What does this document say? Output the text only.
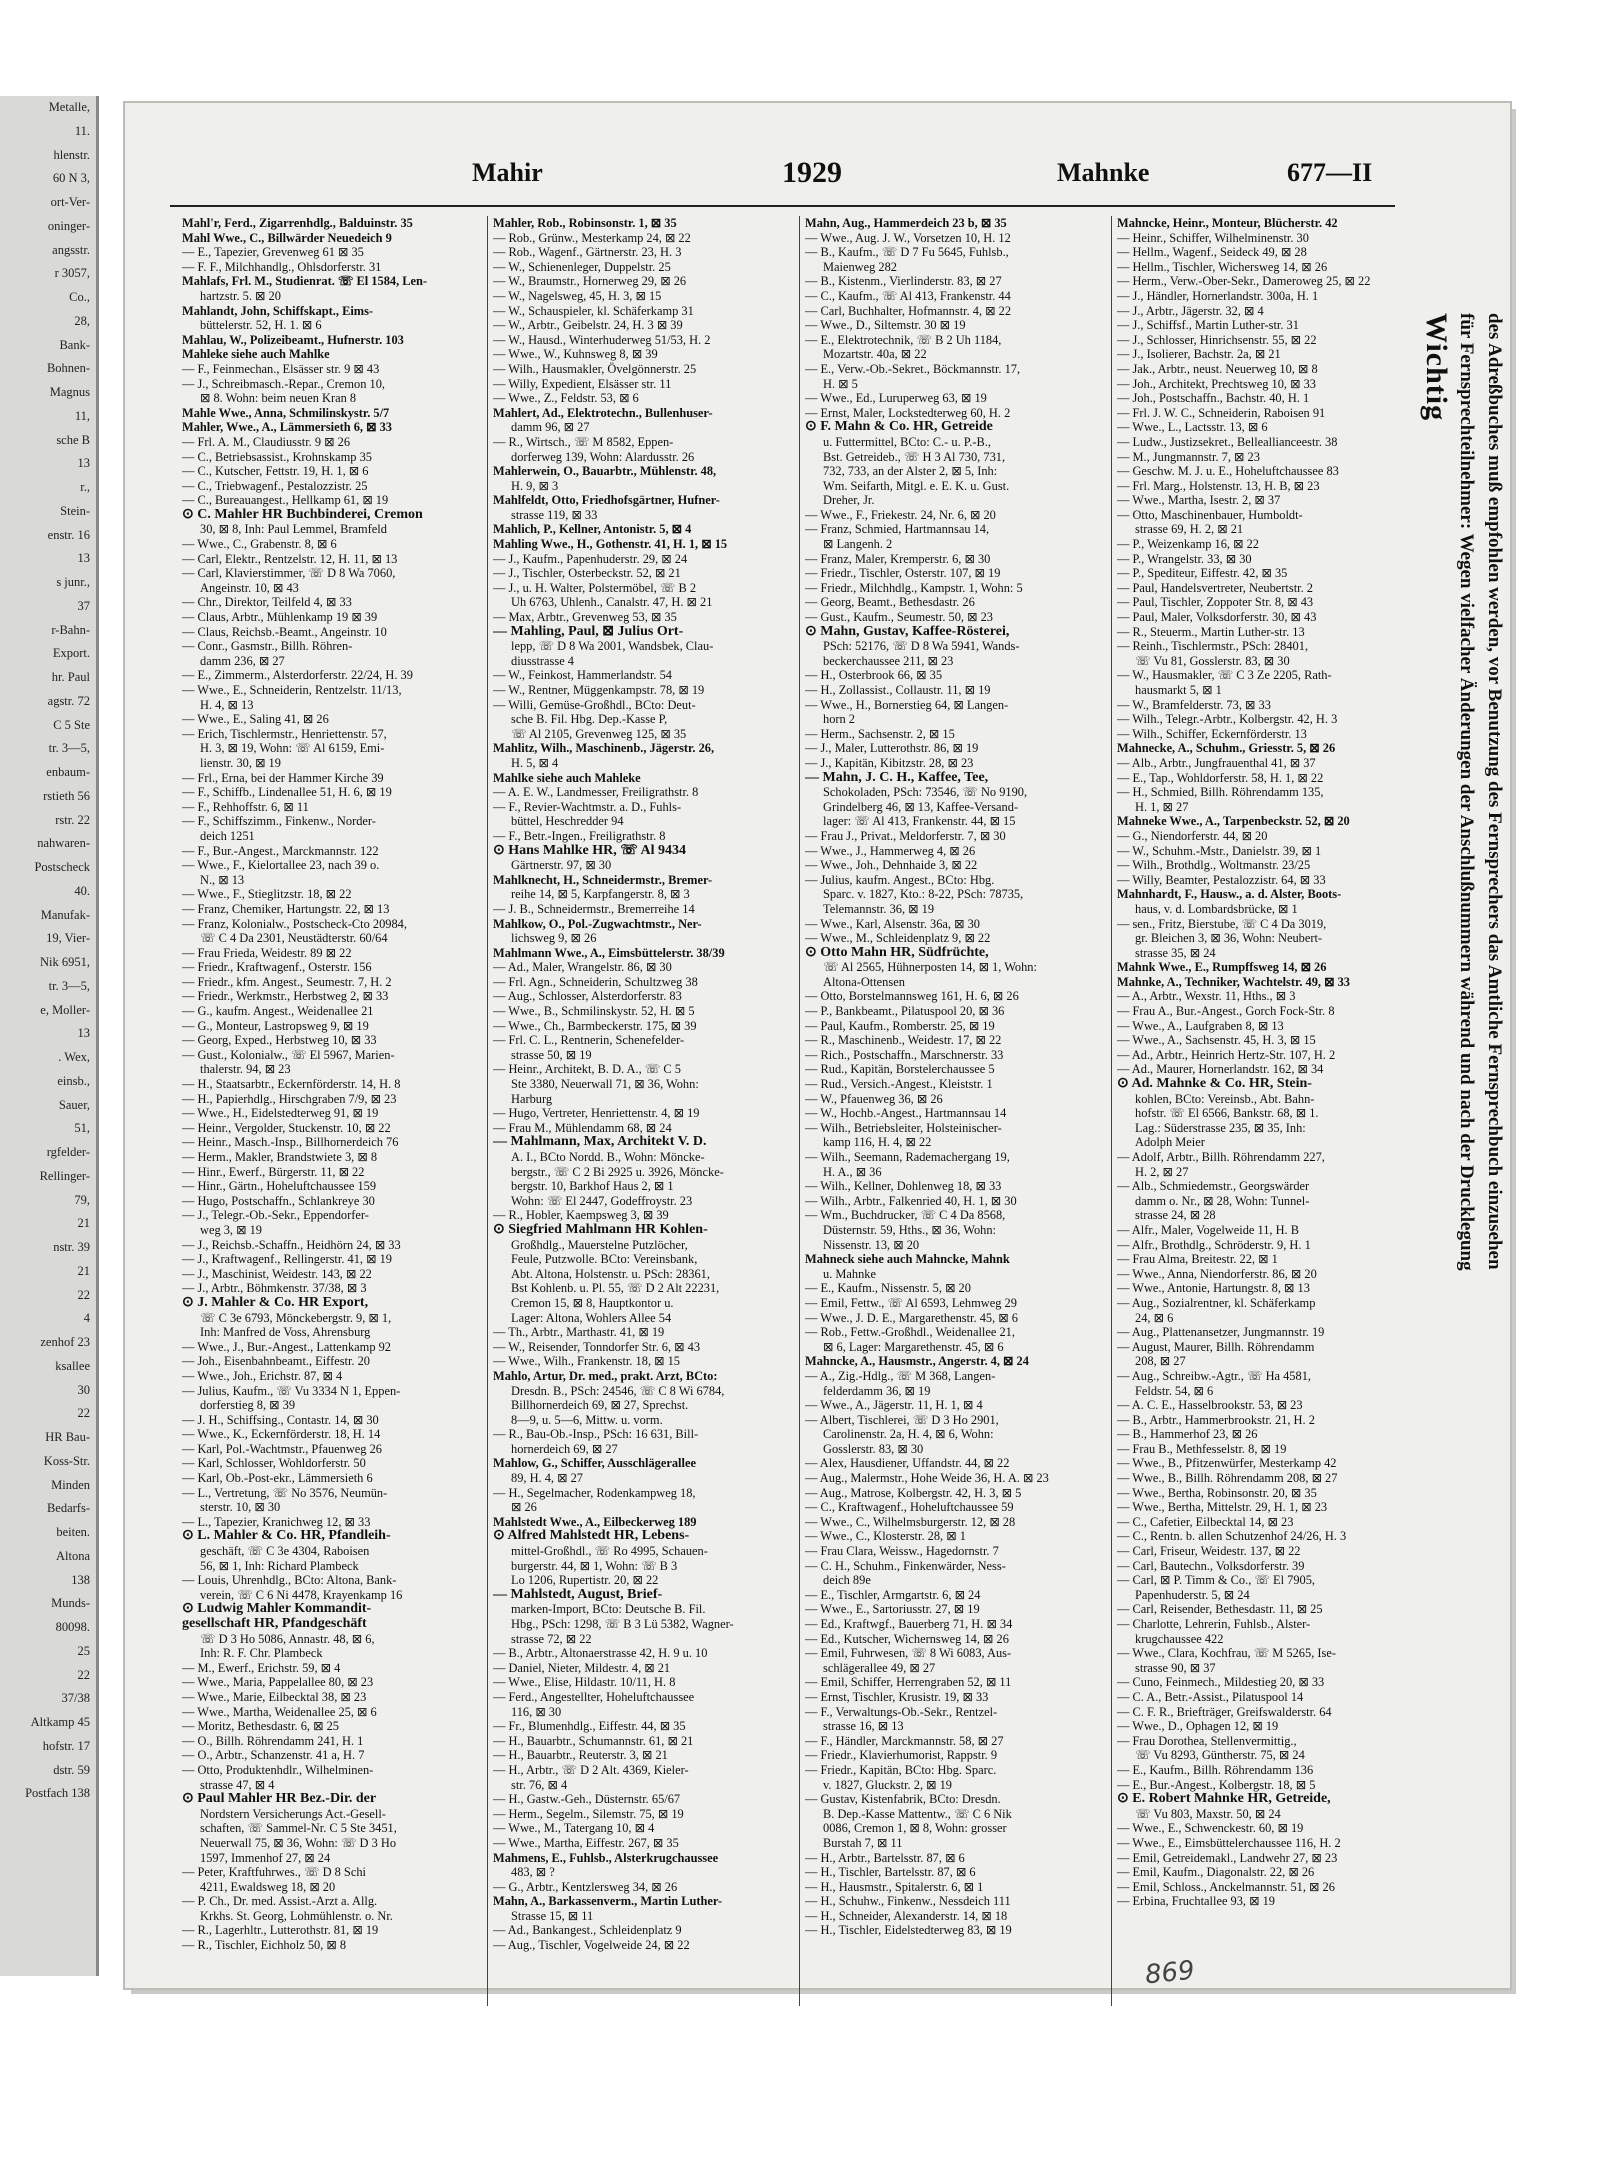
Metalle,
11.
hlenstr.
60 N 3,
ort-Ver-
oninger-
angsstr.
r 3057,
Co.,
28,
Bank-
Bohnen-
Magnus
11,
sche B
13
r.,
Stein-
enstr. 16
13
s junr.,
37
r-Bahn-
Export.
hr. Paul
agstr. 72
C 5 Ste
tr. 3—5,
enbaum-
rstieth 56
rstr. 22
nahwaren-
Postscheck
40.
Manufak-
19, Vier-
Nik 6951,
tr. 3—5,
e, Moller-
13
. Wex,
einsb.,
Sauer,
51,
rgfelder-
Rellinger-
79,
21
nstr. 39
21
22
4
zenhof 23
ksallee
30
22
HR Bau-
Koss-Str.
Minden
Bedarfs-
beiten.
Altona
138
Munds-
80098.
25
22
37/38
Altkamp 45
hofstr. 17
dstr. 59
Postfach 138
Mahir	1929	Mahnke	677—II
Mahl'r, Ferd., Zigarrenhdlg., Balduinstr. 35
Mahl Wwe., C., Billwärder Neuedeich 9
— E., Tapezier, Grevenweg 61 ⊠ 35
— F. F., Milchhandlg., Ohlsdorferstr. 31
Mahlafs, Frl. M., Studienrat. ☏ El 1584, Len-
hartzstr. 5. ⊠ 20
Mahlandt, John, Schiffskapt., Eims-
büttelerstr. 52, H. 1. ⊠ 6
Mahlau, W., Polizeibeamt., Hufnerstr. 103
Mahleke siehe auch Mahlke
— F., Feinmechan., Elsässer str. 9 ⊠ 43
— J., Schreibmasch.-Repar., Cremon 10,
⊠ 8. Wohn: beim neuen Kran 8
Mahle Wwe., Anna, Schmilinskystr. 5/7
Mahler, Wwe., A., Lämmersieth 6, ⊠ 33
— Frl. A. M., Claudiusstr. 9 ⊠ 26
— C., Betriebsassist., Krohnskamp 35
— C., Kutscher, Fettstr. 19, H. 1, ⊠ 6
— C., Triebwagenf., Pestalozzistr. 25
— C., Bureauangest., Hellkamp 61, ⊠ 19
⊙ C. Mahler HR Buchbinderei, Cremon
30, ⊠ 8, Inh: Paul Lemmel, Bramfeld
— Wwe., C., Grabenstr. 8, ⊠ 6
— Carl, Elektr., Rentzelstr. 12, H. 11, ⊠ 13
— Carl, Klavierstimmer, ☏ D 8 Wa 7060,
Angeinstr. 10, ⊠ 43
— Chr., Direktor, Teilfeld 4, ⊠ 33
— Claus, Arbtr., Mühlenkamp 19 ⊠ 39
— Claus, Reichsb.-Beamt., Angeinstr. 10
— Conr., Gasmstr., Billh. Röhren-
damm 236, ⊠ 27
— E., Zimmerm., Alsterdorferstr. 22/24, H. 39
— Wwe., E., Schneiderin, Rentzelstr. 11/13,
H. 4, ⊠ 13
— Wwe., E., Saling 41, ⊠ 26
— Erich, Tischlermstr., Henriettenstr. 57,
H. 3, ⊠ 19, Wohn: ☏ Al 6159, Emi-
lienstr. 30, ⊠ 19
— Frl., Erna, bei der Hammer Kirche 39
— F., Schiffb., Lindenallee 51, H. 6, ⊠ 19
— F., Rehhoffstr. 6, ⊠ 11
— F., Schiffszimm., Finkenw., Norder-
deich 1251
— F., Bur.-Angest., Marckmannstr. 122
— Wwe., F., Kielortallee 23, nach 39 o.
N., ⊠ 13
— Wwe., F., Stieglitzstr. 18, ⊠ 22
— Franz, Chemiker, Hartungstr. 22, ⊠ 13
— Franz, Kolonialw., Postscheck-Cto 20984,
☏ C 4 Da 2301, Neustädterstr. 60/64
— Frau Frieda, Weidestr. 89 ⊠ 22
— Friedr., Kraftwagenf., Osterstr. 156
— Friedr., kfm. Angest., Seumestr. 7, H. 2
— Friedr., Werkmstr., Herbstweg 2, ⊠ 33
— G., kaufm. Angest., Weidenallee 21
— G., Monteur, Lastropsweg 9, ⊠ 19
— Georg, Exped., Herbstweg 10, ⊠ 33
— Gust., Kolonialw., ☏ El 5967, Marien-
thalerstr. 94, ⊠ 23
— H., Staatsarbtr., Eckernförderstr. 14, H. 8
— H., Papierhdlg., Hirschgraben 7/9, ⊠ 23
— Wwe., H., Eidelstedterweg 91, ⊠ 19
— Heinr., Vergolder, Stuckenstr. 10, ⊠ 22
— Heinr., Masch.-Insp., Billhornerdeich 76
— Herm., Makler, Brandstwiete 3, ⊠ 8
— Hinr., Ewerf., Bürgerstr. 11, ⊠ 22
— Hinr., Gärtn., Hoheluftchaussee 159
— Hugo, Postschaffn., Schlankreye 30
— J., Telegr.-Ob.-Sekr., Eppendorfer-
weg 3, ⊠ 19
— J., Reichsb.-Schaffn., Heidhörn 24, ⊠ 33
— J., Kraftwagenf., Rellingerstr. 41, ⊠ 19
— J., Maschinist, Weidestr. 143, ⊠ 22
— J., Arbtr., Böhmkenstr. 37/38, ⊠ 3
⊙ J. Mahler & Co. HR Export,
☏ C 3e 6793, Mönckebergstr. 9, ⊠ 1,
Inh: Manfred de Voss, Ahrensburg
— Wwe., J., Bur.-Angest., Lattenkamp 92
— Joh., Eisenbahnbeamt., Eiffestr. 20
— Wwe., Joh., Erichstr. 87, ⊠ 4
— Julius, Kaufm., ☏ Vu 3334 N 1, Eppen-
dorferstieg 8, ⊠ 39
— J. H., Schiffsing., Contastr. 14, ⊠ 30
— Wwe., K., Eckernförderstr. 18, H. 14
— Karl, Pol.-Wachtmstr., Pfauenweg 26
— Karl, Schlosser, Wohldorferstr. 50
— Karl, Ob.-Post-ekr., Lämmersieth 6
— L., Vertretung, ☏ No 3576, Neumün-
sterstr. 10, ⊠ 30
— L., Tapezier, Kranichweg 12, ⊠ 33
⊙ L. Mahler & Co. HR, Pfandleih-
geschäft, ☏ C 3e 4304, Raboisen
56, ⊠ 1, Inh: Richard Plambeck
— Louis, Uhrenhdlg., BCto: Altona, Bank-
verein, ☏ C 6 Ni 4478, Krayenkamp 16
⊙ Ludwig Mahler Kommandit-
gesellschaft HR, Pfandgeschäft
☏ D 3 Ho 5086, Annastr. 48, ⊠ 6,
Inh: R. F. Chr. Plambeck
— M., Ewerf., Erichstr. 59, ⊠ 4
— Wwe., Maria, Pappelallee 80, ⊠ 23
— Wwe., Marie, Eilbecktal 38, ⊠ 23
— Wwe., Martha, Weidenallee 25, ⊠ 6
— Moritz, Bethesdastr. 6, ⊠ 25
— O., Billh. Röhrendamm 241, H. 1
— O., Arbtr., Schanzenstr. 41 a, H. 7
— Otto, Produktenhdlr., Wilhelminen-
strasse 47, ⊠ 4
⊙ Paul Mahler HR Bez.-Dir. der
Nordstern Versicherungs Act.-Gesell-
schaften, ☏ Sammel-Nr. C 5 Ste 3451,
Neuerwall 75, ⊠ 36, Wohn: ☏ D 3 Ho
1597, Immenhof 27, ⊠ 24
— Peter, Kraftfuhrwes., ☏ D 8 Schi
4211, Ewaldsweg 18, ⊠ 20
— P. Ch., Dr. med. Assist.-Arzt a. Allg.
Krkhs. St. Georg, Lohmühlenstr. o. Nr.
— R., Lagerhltr., Lutterothstr. 81, ⊠ 19
— R., Tischler, Eichholz 50, ⊠ 8
Mahler, Rob., Robinsonstr. 1, ⊠ 35
— Rob., Grünw., Mesterkamp 24, ⊠ 22
— Rob., Wagenf., Gärtnerstr. 23, H. 3
— W., Schienenleger, Duppelstr. 25
— W., Braumstr., Hornerweg 29, ⊠ 26
— W., Nagelsweg, 45, H. 3, ⊠ 15
— W., Schauspieler, kl. Schäferkamp 31
— W., Arbtr., Geibelstr. 24, H. 3 ⊠ 39
— W., Hausd., Winterhuderweg 51/53, H. 2
— Wwe., W., Kuhnsweg 8, ⊠ 39
— Wilh., Hausmakler, Övelgönnerstr. 25
— Willy, Expedient, Elsässer str. 11
— Wwe., Z., Feldstr. 53, ⊠ 6
Mahlert, Ad., Elektrotechn., Bullenhuser-
damm 96, ⊠ 27
— R., Wirtsch., ☏ M 8582, Eppen-
dorferweg 139, Wohn: Alardusstr. 26
Mahlerwein, O., Bauarbtr., Mühlenstr. 48,
H. 9, ⊠ 3
Mahlfeldt, Otto, Friedhofsgärtner, Hufner-
strasse 119, ⊠ 33
Mahlich, P., Kellner, Antonistr. 5, ⊠ 4
Mahling Wwe., H., Gothenstr. 41, H. 1, ⊠ 15
— J., Kaufm., Papenhuderstr. 29, ⊠ 24
— J., Tischler, Osterbeckstr. 52, ⊠ 21
— J., u. H. Walter, Polstermöbel, ☏ B 2
Uh 6763, Uhlenh., Canalstr. 47, H. ⊠ 21
— Max, Arbtr., Grevenweg 53, ⊠ 35
— Mahling, Paul, ⊠ Julius Ort-
lepp, ☏ D 8 Wa 2001, Wandsbek, Clau-
diusstrasse 4
— W., Feinkost, Hammerlandstr. 54
— W., Rentner, Müggenkampstr. 78, ⊠ 19
— Willi, Gemüse-Großhdl., BCto: Deut-
sche B. Fil. Hbg. Dep.-Kasse P,
☏ Al 2105, Grevenweg 125, ⊠ 35
Mahlitz, Wilh., Maschinenb., Jägerstr. 26,
H. 5, ⊠ 4
Mahlke siehe auch Mahleke
— A. E. W., Landmesser, Freiligrathstr. 8
— F., Revier-Wachtmstr. a. D., Fuhls-
büttel, Heschredder 94
— F., Betr.-Ingen., Freiligrathstr. 8
⊙ Hans Mahlke HR, ☏ Al 9434
Gärtnerstr. 97, ⊠ 30
Mahlknecht, H., Schneidermstr., Bremer-
reihe 14, ⊠ 5, Karpfangerstr. 8, ⊠ 3
— J. B., Schneidermstr., Bremerreihe 14
Mahlkow, O., Pol.-Zugwachtmstr., Ner-
lichsweg 9, ⊠ 26
Mahlmann Wwe., A., Eimsbüttelerstr. 38/39
— Ad., Maler, Wrangelstr. 86, ⊠ 30
— Frl. Agn., Schneiderin, Schultzweg 38
— Aug., Schlosser, Alsterdorferstr. 83
— Wwe., B., Schmilinskystr. 52, H. ⊠ 5
— Wwe., Ch., Barmbeckerstr. 175, ⊠ 39
— Frl. C. L., Rentnerin, Schenefelder-
strasse 50, ⊠ 19
— Heinr., Architekt, B. D. A., ☏ C 5
Ste 3380, Neuerwall 71, ⊠ 36, Wohn:
Harburg
— Hugo, Vertreter, Henriettenstr. 4, ⊠ 19
— Frau M., Mühlendamm 68, ⊠ 24
— Mahlmann, Max, Architekt V. D.
A. I., BCto Nordd. B., Wohn: Möncke-
bergstr., ☏ C 2 Bi 2925 u. 3926, Möncke-
bergstr. 10, Barkhof Haus 2, ⊠ 1
Wohn: ☏ El 2447, Godeffroystr. 23
— R., Hobler, Kaempsweg 3, ⊠ 39
⊙ Siegfried Mahlmann HR Kohlen-
Großhdlg., Mauerstelne Putzlöcher,
Feule, Putzwolle. BCto: Vereinsbank,
Abt. Altona, Holstenstr. u. PSch: 28361,
Bst Kohlenb. u. Pl. 55, ☏ D 2 Alt 22231,
Cremon 15, ⊠ 8, Hauptkontor u.
Lager: Altona, Wohlers Allee 54
— Th., Arbtr., Marthastr. 41, ⊠ 19
— W., Reisender, Tonndorfer Str. 6, ⊠ 43
— Wwe., Wilh., Frankenstr. 18, ⊠ 15
Mahlo, Artur, Dr. med., prakt. Arzt, BCto:
Dresdn. B., PSch: 24546, ☏ C 8 Wi 6784,
Billhornerdeich 69, ⊠ 27, Sprechst.
8—9, u. 5—6, Mittw. u. vorm.
— R., Bau-Ob.-Insp., PSch: 16 631, Bill-
hornerdeich 69, ⊠ 27
Mahlow, G., Schiffer, Ausschlägerallee
89, H. 4, ⊠ 27
— H., Segelmacher, Rodenkampweg 18,
⊠ 26
Mahlstedt Wwe., A., Eilbeckerweg 189
⊙ Alfred Mahlstedt HR, Lebens-
mittel-Großhdl., ☏ Ro 4995, Schauen-
burgerstr. 44, ⊠ 1, Wohn: ☏ B 3
Lo 1206, Rupertistr. 20, ⊠ 22
— Mahlstedt, August, Brief-
marken-Import, BCto: Deutsche B. Fil.
Hbg., PSch: 1298, ☏ B 3 Lü 5382, Wagner-
strasse 72, ⊠ 22
— B., Arbtr., Altonaerstrasse 42, H. 9 u. 10
— Daniel, Nieter, Mildestr. 4, ⊠ 21
— Wwe., Elise, Hildastr. 10/11, H. 8
— Ferd., Angestellter, Hoheluftchaussee
116, ⊠ 30
— Fr., Blumenhdlg., Eiffestr. 44, ⊠ 35
— H., Bauarbtr., Schumannstr. 61, ⊠ 21
— H., Bauarbtr., Reuterstr. 3, ⊠ 21
— H., Arbtr., ☏ D 2 Alt. 4369, Kieler-
str. 76, ⊠ 4
— H., Gastw.-Geh., Düsternstr. 65/67
— Herm., Segelm., Silemstr. 75, ⊠ 19
— Wwe., M., Tatergang 10, ⊠ 4
— Wwe., Martha, Eiffestr. 267, ⊠ 35
Mahmens, E., Fuhlsb., Alsterkrugchaussee
483, ⊠ ?
— G., Arbtr., Kentzlersweg 34, ⊠ 26
Mahn, A., Barkassenverm., Martin Luther-
Strasse 15, ⊠ 11
— Ad., Bankangest., Schleidenplatz 9
— Aug., Tischler, Vogelweide 24, ⊠ 22
Mahn, Aug., Hammerdeich 23 b, ⊠ 35
— Wwe., Aug. J. W., Vorsetzen 10, H. 12
— B., Kaufm., ☏ D 7 Fu 5645, Fuhlsb.,
Maienweg 282
— B., Kistenm., Vierlinderstr. 83, ⊠ 27
— C., Kaufm., ☏ Al 413, Frankenstr. 44
— Carl, Buchhalter, Hofmannstr. 4, ⊠ 22
— Wwe., D., Siltemstr. 30 ⊠ 19
— E., Elektrotechnik, ☏ B 2 Uh 1184,
Mozartstr. 40a, ⊠ 22
— E., Verw.-Ob.-Sekret., Böckmannstr. 17,
H. ⊠ 5
— Wwe., Ed., Luruperweg 63, ⊠ 19
— Ernst, Maler, Lockstedterweg 60, H. 2
⊙ F. Mahn & Co. HR, Getreide
u. Futtermittel, BCto: C.- u. P.-B.,
Bst. Getreideb., ☏ H 3 Al 730, 731,
732, 733, an der Alster 2, ⊠ 5, Inh:
Wm. Seifarth, Mitgl. e. E. K. u. Gust.
Dreher, Jr.
— Wwe., F., Friekestr. 24, Nr. 6, ⊠ 20
— Franz, Schmied, Hartmannsau 14,
⊠ Langenh. 2
— Franz, Maler, Kremperstr. 6, ⊠ 30
— Friedr., Tischler, Osterstr. 107, ⊠ 19
— Friedr., Milchhdlg., Kampstr. 1, Wohn: 5
— Georg, Beamt., Bethesdastr. 26
— Gust., Kaufm., Seumestr. 50, ⊠ 23
⊙ Mahn, Gustav, Kaffee-Rösterei,
PSch: 52176, ☏ D 8 Wa 5941, Wands-
beckerchaussee 211, ⊠ 23
— H., Osterbrook 66, ⊠ 35
— H., Zollassist., Collaustr. 11, ⊠ 19
— Wwe., H., Bornerstieg 64, ⊠ Langen-
horn 2
— Herm., Sachsenstr. 2, ⊠ 15
— J., Maler, Lutterothstr. 86, ⊠ 19
— J., Kapitän, Kibitzstr. 28, ⊠ 23
— Mahn, J. C. H., Kaffee, Tee,
Schokoladen, PSch: 73546, ☏ No 9190,
Grindelberg 46, ⊠ 13, Kaffee-Versand-
lager: ☏ Al 413, Frankenstr. 44, ⊠ 15
— Frau J., Privat., Meldorferstr. 7, ⊠ 30
— Wwe., J., Hammerweg 4, ⊠ 26
— Wwe., Joh., Dehnhaide 3, ⊠ 22
— Julius, kaufm. Angest., BCto: Hbg.
Sparc. v. 1827, Kto.: 8-22, PSch: 78735,
Telemannstr. 36, ⊠ 19
— Wwe., Karl, Alsenstr. 36a, ⊠ 30
— Wwe., M., Schleidenplatz 9, ⊠ 22
⊙ Otto Mahn HR, Südfrüchte,
☏ Al 2565, Hühnerposten 14, ⊠ 1, Wohn:
Altona-Ottensen
— Otto, Borstelmannsweg 161, H. 6, ⊠ 26
— P., Bankbeamt., Pilatuspool 20, ⊠ 36
— Paul, Kaufm., Romberstr. 25, ⊠ 19
— R., Maschinenb., Weidestr. 17, ⊠ 22
— Rich., Postschaffn., Marschnerstr. 33
— Rud., Kapitän, Borstelerchaussee 5
— Rud., Versich.-Angest., Kleiststr. 1
— W., Pfauenweg 36, ⊠ 26
— W., Hochb.-Angest., Hartmannsau 14
— Wilh., Betriebsleiter, Holsteinischer-
kamp 116, H. 4, ⊠ 22
— Wilh., Seemann, Rademachergang 19,
H. A., ⊠ 36
— Wilh., Kellner, Dohlenweg 18, ⊠ 33
— Wilh., Arbtr., Falkenried 40, H. 1, ⊠ 30
— Wm., Buchdrucker, ☏ C 4 Da 8568,
Düsternstr. 59, Hths., ⊠ 36, Wohn:
Nissenstr. 13, ⊠ 20
Mahneck siehe auch Mahncke, Mahnk
u. Mahnke
— E., Kaufm., Nissenstr. 5, ⊠ 20
— Emil, Fettw., ☏ Al 6593, Lehmweg 29
— Wwe., J. D. E., Margarethenstr. 45, ⊠ 6
— Rob., Fettw.-Großhdl., Weidenallee 21,
⊠ 6, Lager: Margarethenstr. 45, ⊠ 6
Mahncke, A., Hausmstr., Angerstr. 4, ⊠ 24
— A., Zig.-Hdlg., ☏ M 368, Langen-
felderdamm 36, ⊠ 19
— Wwe., A., Jägerstr. 11, H. 1, ⊠ 4
— Albert, Tischlerei, ☏ D 3 Ho 2901,
Carolinenstr. 2a, H. 4, ⊠ 6, Wohn:
Gosslerstr. 83, ⊠ 30
— Alex, Hausdiener, Uffandstr. 44, ⊠ 22
— Aug., Malermstr., Hohe Weide 36, H. A. ⊠ 23
— Aug., Matrose, Kolbergstr. 42, H. 3, ⊠ 5
— C., Kraftwagenf., Hoheluftchaussee 59
— Wwe., C., Wilhelmsburgerstr. 12, ⊠ 28
— Wwe., C., Klosterstr. 28, ⊠ 1
— Frau Clara, Weissw., Hagedornstr. 7
— C. H., Schuhm., Finkenwärder, Ness-
deich 89e
— E., Tischler, Armgartstr. 6, ⊠ 24
— Wwe., E., Sartoriusstr. 27, ⊠ 19
— Ed., Kraftwgf., Bauerberg 71, H. ⊠ 34
— Ed., Kutscher, Wichernsweg 14, ⊠ 26
— Emil, Fuhrwesen, ☏ 8 Wi 6083, Aus-
schlägerallee 49, ⊠ 27
— Emil, Schiffer, Herrengraben 52, ⊠ 11
— Ernst, Tischler, Krusistr. 19, ⊠ 33
— F., Verwaltungs-Ob.-Sekr., Rentzel-
strasse 16, ⊠ 13
— F., Händler, Marckmannstr. 58, ⊠ 27
— Friedr., Klavierhumorist, Rappstr. 9
— Friedr., Kapitän, BCto: Hbg. Sparc.
v. 1827, Gluckstr. 2, ⊠ 19
— Gustav, Kistenfabrik, BCto: Dresdn.
B. Dep.-Kasse Mattentw., ☏ C 6 Nik
0086, Cremon 1, ⊠ 8, Wohn: grosser
Burstah 7, ⊠ 11
— H., Arbtr., Bartelsstr. 87, ⊠ 6
— H., Tischler, Bartelsstr. 87, ⊠ 6
— H., Hausmstr., Spitalerstr. 6, ⊠ 1
— H., Schuhw., Finkenw., Nessdeich 111
— H., Schneider, Alexanderstr. 14, ⊠ 18
— H., Tischler, Eidelstedterweg 83, ⊠ 19
Mahncke, Heinr., Monteur, Blücherstr. 42
— Heinr., Schiffer, Wilhelminenstr. 30
— Hellm., Wagenf., Seideck 49, ⊠ 28
— Hellm., Tischler, Wichersweg 14, ⊠ 26
— Herm., Verw.-Ober-Sekr., Dameroweg 25, ⊠ 22
— J., Händler, Hornerlandstr. 300a, H. 1
— J., Arbtr., Jägerstr. 32, ⊠ 4
— J., Schiffsf., Martin Luther-str. 31
— J., Schlosser, Hinrichsenstr. 55, ⊠ 22
— J., Isolierer, Bachstr. 2a, ⊠ 21
— Jak., Arbtr., neust. Neuerweg 10, ⊠ 8
— Joh., Architekt, Prechtsweg 10, ⊠ 33
— Joh., Postschaffn., Bachstr. 40, H. 1
— Frl. J. W. C., Schneiderin, Raboisen 91
— Wwe., L., Lactsstr. 13, ⊠ 6
— Ludw., Justizsekret., Belleallianceestr. 38
— M., Jungmannstr. 7, ⊠ 23
— Geschw. M. J. u. E., Hoheluftchaussee 83
— Frl. Marg., Holstenstr. 13, H. B, ⊠ 23
— Wwe., Martha, Isestr. 2, ⊠ 37
— Otto, Maschinenbauer, Humboldt-
strasse 69, H. 2, ⊠ 21
— P., Weizenkamp 16, ⊠ 22
— P., Wrangelstr. 33, ⊠ 30
— P., Spediteur, Eiffestr. 42, ⊠ 35
— Paul, Handelsvertreter, Neubertstr. 2
— Paul, Tischler, Zoppoter Str. 8, ⊠ 43
— Paul, Maler, Volksdorferstr. 30, ⊠ 43
— R., Steuerm., Martin Luther-str. 13
— Reinh., Tischlermstr., PSch: 28401,
☏ Vu 81, Gosslerstr. 83, ⊠ 30
— W., Hausmakler, ☏ C 3 Ze 2205, Rath-
hausmarkt 5, ⊠ 1
— W., Bramfelderstr. 73, ⊠ 33
— Wilh., Telegr.-Arbtr., Kolbergstr. 42, H. 3
— Wilh., Schiffer, Eckernförderstr. 13
Mahnecke, A., Schuhm., Griesstr. 5, ⊠ 26
— Alb., Arbtr., Jungfrauenthal 41, ⊠ 37
— E., Tap., Wohldorferstr. 58, H. 1, ⊠ 22
— H., Schmied, Billh. Röhrendamm 135,
H. 1, ⊠ 27
Mahneke Wwe., A., Tarpenbeckstr. 52, ⊠ 20
— G., Niendorferstr. 44, ⊠ 20
— W., Schuhm.-Mstr., Danielstr. 39, ⊠ 1
— Wilh., Brothdlg., Woltmanstr. 23/25
— Willy, Beamter, Pestalozzistr. 64, ⊠ 33
Mahnhardt, F., Hausw., a. d. Alster, Boots-
haus, v. d. Lombardsbrücke, ⊠ 1
— sen., Fritz, Bierstube, ☏ C 4 Da 3019,
gr. Bleichen 3, ⊠ 36, Wohn: Neubert-
strasse 35, ⊠ 24
Mahnk Wwe., E., Rumpffsweg 14, ⊠ 26
Mahnke, A., Techniker, Wachtelstr. 49, ⊠ 33
— A., Arbtr., Wexstr. 11, Hths., ⊠ 3
— Frau A., Bur.-Angest., Gorch Fock-Str. 8
— Wwe., A., Laufgraben 8, ⊠ 13
— Wwe., A., Sachsenstr. 45, H. 3, ⊠ 15
— Ad., Arbtr., Heinrich Hertz-Str. 107, H. 2
— Ad., Maurer, Hornerlandstr. 162, ⊠ 34
⊙ Ad. Mahnke & Co. HR, Stein-
kohlen, BCto: Vereinsb., Abt. Bahn-
hofstr. ☏ El 6566, Bankstr. 68, ⊠ 1.
Lag.: Süderstrasse 235, ⊠ 35, Inh:
Adolph Meier
— Adolf, Arbtr., Billh. Röhrendamm 227,
H. 2, ⊠ 27
— Alb., Schmiedemstr., Georgswärder
damm o. Nr., ⊠ 28, Wohn: Tunnel-
strasse 24, ⊠ 28
— Alfr., Maler, Vogelweide 11, H. B
— Alfr., Brothdlg., Schröderstr. 9, H. 1
— Frau Alma, Breitestr. 22, ⊠ 1
— Wwe., Anna, Niendorferstr. 86, ⊠ 20
— Wwe., Antonie, Hartungstr. 8, ⊠ 13
— Aug., Sozialrentner, kl. Schäferkamp
24, ⊠ 6
— Aug., Plattenansetzer, Jungmannstr. 19
— August, Maurer, Billh. Röhrendamm
208, ⊠ 27
— Aug., Schreibw.-Agtr., ☏ Ha 4581,
Feldstr. 54, ⊠ 6
— A. C. E., Hasselbrookstr. 53, ⊠ 23
— B., Arbtr., Hammerbrookstr. 21, H. 2
— B., Hammerhof 23, ⊠ 26
— Frau B., Methfesselstr. 8, ⊠ 19
— Wwe., B., Pfitzenwürfer, Mesterkamp 42
— Wwe., B., Billh. Röhrendamm 208, ⊠ 27
— Wwe., Bertha, Robinsonstr. 20, ⊠ 35
— Wwe., Bertha, Mittelstr. 29, H. 1, ⊠ 23
— C., Cafetier, Eilbecktal 14, ⊠ 23
— C., Rentn. b. allen Schutzenhof 24/26, H. 3
— Carl, Friseur, Weidestr. 137, ⊠ 22
— Carl, Bautechn., Volksdorferstr. 39
— Carl, ⊠ P. Timm & Co., ☏ El 7905,
Papenhuderstr. 5, ⊠ 24
— Carl, Reisender, Bethesdastr. 11, ⊠ 25
— Charlotte, Lehrerin, Fuhlsb., Alster-
krugchaussee 422
— Wwe., Clara, Kochfrau, ☏ M 5265, Ise-
strasse 90, ⊠ 37
— Cuno, Feinmech., Mildestieg 20, ⊠ 33
— C. A., Betr.-Assist., Pilatuspool 14
— C. F. R., Briefträger, Greifswalderstr. 64
— Wwe., D., Ophagen 12, ⊠ 19
— Frau Dorothea, Stellenvermittig.,
☏ Vu 8293, Güntherstr. 75, ⊠ 24
— E., Kaufm., Billh. Röhrendamm 136
— E., Bur.-Angest., Kolbergstr. 18, ⊠ 5
⊙ E. Robert Mahnke HR, Getreide,
☏ Vu 803, Maxstr. 50, ⊠ 24
— Wwe., E., Schwenckestr. 60, ⊠ 19
— Wwe., E., Eimsbüttelerchaussee 116, H. 2
— Emil, Getreidemakl., Landwehr 27, ⊠ 23
— Emil, Kaufm., Diagonalstr. 22, ⊠ 26
— Emil, Schloss., Anckelmannstr. 51, ⊠ 26
— Erbina, Fruchtallee 93, ⊠ 19
Wichtig für Fernsprechteilnehmer: Wegen vielfacher Änderungen der Anschlußnummern während und nach der Drucklegung des Adreßbuches muß empfohlen werden, vor Benutzung des Fernsprechers das Amtliche Fernsprechbuch einzusehen
869
